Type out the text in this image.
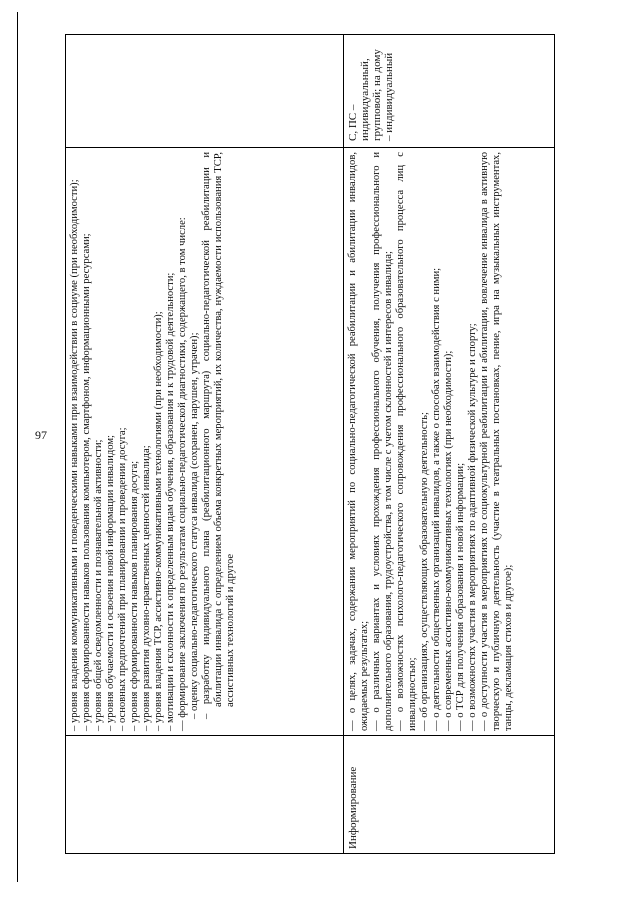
97 – уровня владения коммуникативными и поведенческими навыками при взаимодействии в социуме (при необходимости); – уровня сформированности навыков пользования компьютером, смартфоном, информационными ресурсами; – уровня общей осведомленности и познавательной активности; – уровня обучаемости и освоения новой информации инвалидом; – основных предпочтений при планировании и проведении досуга; – уровня сформированности навыков планирования досуга; – уровня развития духовно-нравственных ценностей инвалида; – уровня владения ТСР, ассистивно-коммуникативными технологиями (при необходимости); – мотивации и склонности к определенным видам обучения, образования и к трудовой деятельности; — формирование заключения по результатам социально-педагогической диагностики, содержащего, в том числе: – оценку социально-педагогического статуса инвалида (сохранен, нарушен, утрачен); – разработку индивидуального плана (реабилитационного маршрута) социально-педагогической реабилитации и абилитации инвалида с определением объема конкретных мероприятий, их количества, нуждаемости использования ТСР, ассистивных технологий и другое

Информирование

— о целях, задачах, содержании мероприятий по социально-педагогической реабилитации и абилитации инвалидов, ожидаемых результатах; — о различных вариантах и условиях прохождения профессионального обучения, получения профессионального и дополнительного образования, трудоустройства, в том числе с учетом склонностей и интересов инвалида; — о возможностях психолого-педагогического сопровождения профессионального образовательного процесса лиц с инвалидностью; — об организациях, осуществляющих образовательную деятельность; — о деятельности общественных организаций инвалидов, а также о способах взаимодействия с ними; — о современных ассистивно-коммуникативных технологиях (при необходимости); — о ТСР для получения образования и новой информации; — о возможностях участия в мероприятиях по адаптивной физической культуре и спорту; — о доступности участия в мероприятиях по социокультурной реабилитации и абилитации, вовлечение инвалида в активную творческую и публичную деятельность (участие в театральных постановках, пение, игра на музыкальных инструментах, танцы, декламация стихов и другое);

С, ПС – индивидуальный, групповой; на дому – индивидуальный
